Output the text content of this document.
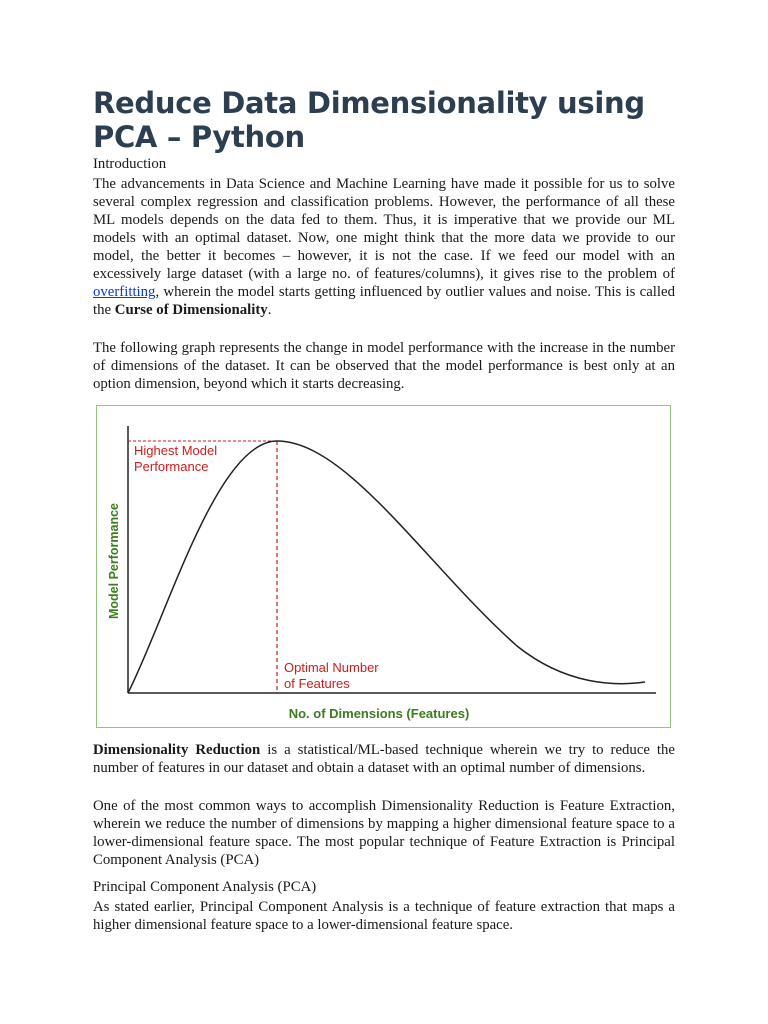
Reduce Data Dimensionality using PCA – Python

Introduction

The advancements in Data Science and Machine Learning have made it possible for us to solve several complex regression and classification problems. However, the performance of all these ML models depends on the data fed to them. Thus, it is imperative that we provide our ML models with an optimal dataset. Now, one might think that the more data we provide to our model, the better it becomes – however, it is not the case. If we feed our model with an excessively large dataset (with a large no. of features/columns), it gives rise to the problem of overfitting, wherein the model starts getting influenced by outlier values and noise. This is called the Curse of Dimensionality.

The following graph represents the change in model performance with the increase in the number of dimensions of the dataset. It can be observed that the model performance is best only at an option dimension, beyond which it starts decreasing.

Highest Model
Performance
Optimal Number
of Features
Model Performance
No. of Dimensions (Features)

Dimensionality Reduction is a statistical/ML-based technique wherein we try to reduce the number of features in our dataset and obtain a dataset with an optimal number of dimensions.

One of the most common ways to accomplish Dimensionality Reduction is Feature Extraction, wherein we reduce the number of dimensions by mapping a higher dimensional feature space to a lower-dimensional feature space. The most popular technique of Feature Extraction is Principal Component Analysis (PCA)

Principal Component Analysis (PCA)

As stated earlier, Principal Component Analysis is a technique of feature extraction that maps a higher dimensional feature space to a lower-dimensional feature space.
